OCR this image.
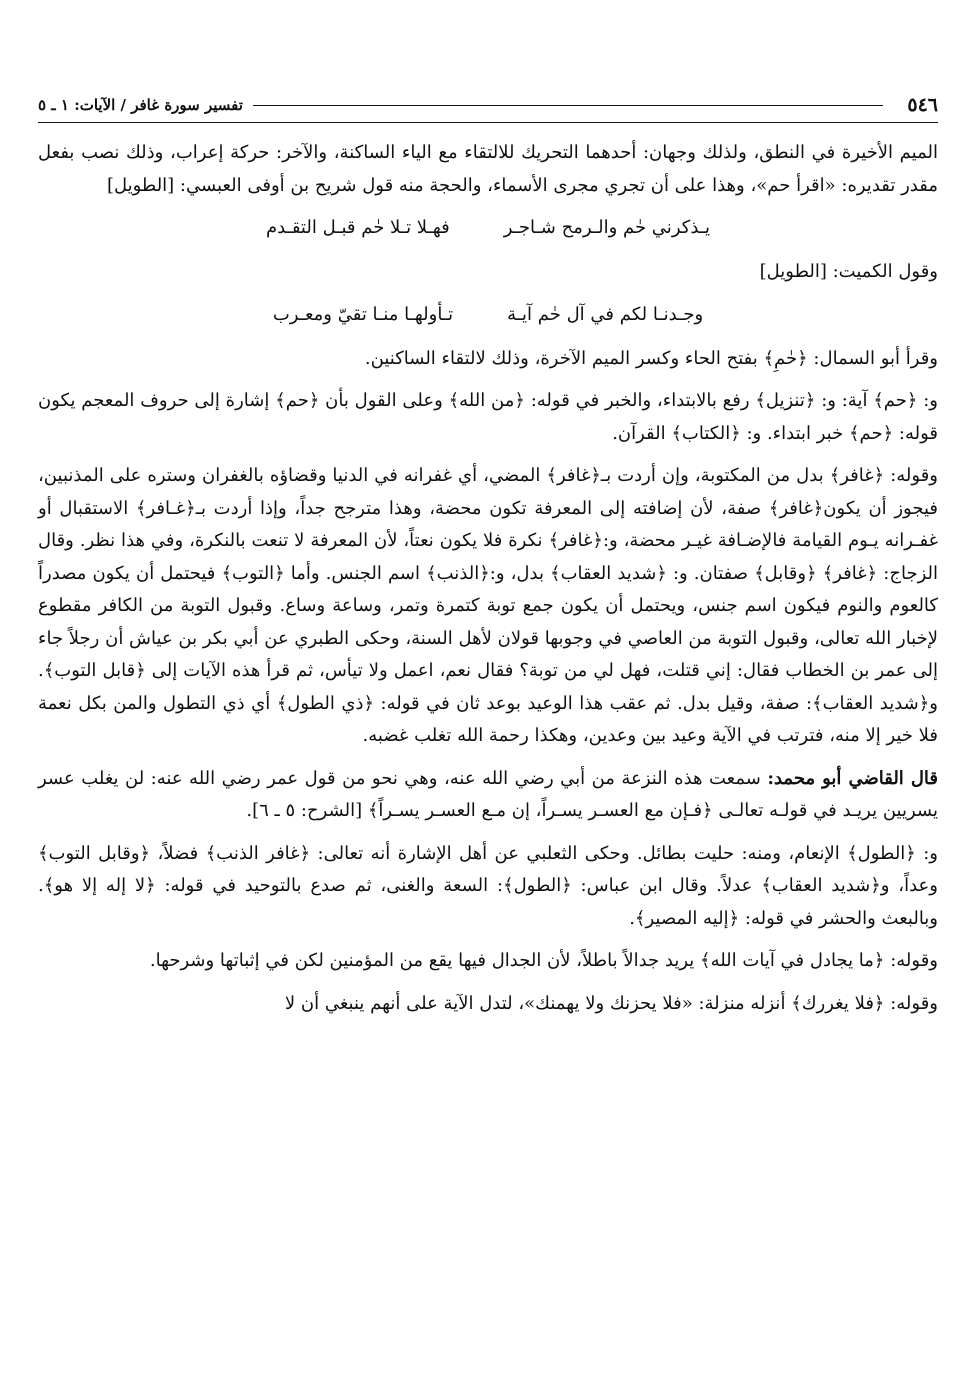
٥٤٦
تفسير سورة غافر / الآيات: ١ ـ ٥

الميم الأخيرة في النطق، ولذلك وجهان: أحدهما التحريك للالتقاء مع الياء الساكنة، والآخر: حركة إعراب، وذلك نصب بفعل مقدر تقديره: «اقرأ حم»، وهذا على أن تجري مجرى الأسماء، والحجة منه قول شريح بن أوفى العبسي: [الطويل]

يـذكرني حٰم والـرمح شـاجـر
فهـلا تـلا حٰم قبـل التقـدم

وقول الكميت: [الطويل]

وجـدنـا لكم في آل حٰم آيـة
تـأولهـا منـا تقيّ ومعـرب

وقرأ أبو السمال: ﴿حٰمِ﴾ بفتح الحاء وكسر الميم الآخرة، وذلك لالتقاء الساكنين.

و: ﴿حم﴾ آية: و: ﴿تنزيل﴾ رفع بالابتداء، والخبر في قوله: ﴿من الله﴾ وعلى القول بأن ﴿حم﴾ إشارة إلى حروف المعجم يكون قوله: ﴿حم﴾ خبر ابتداء. و: ﴿الكتاب﴾ القرآن.

وقوله: ﴿غافر﴾ بدل من المكتوبة، وإن أردت بـ﴿غافر﴾ المضي، أي غفرانه في الدنيا وقضاؤه بالغفران وستره على المذنبين، فيجوز أن يكون﴿غافر﴾ صفة، لأن إضافته إلى المعرفة تكون محضة، وهذا مترجح جداً، وإذا أردت بـ﴿غـافر﴾ الاستقبال أو غفـرانه يـوم القيامة فالإضـافة غيـر محضة، و:﴿غافر﴾ نكرة فلا يكون نعتاً، لأن المعرفة لا تنعت بالنكرة، وفي هذا نظر. وقال الزجاج: ﴿غافر﴾ ﴿وقابل﴾ صفتان. و: ﴿شديد العقاب﴾ بدل، و:﴿الذنب﴾ اسم الجنس. وأما ﴿التوب﴾ فيحتمل أن يكون مصدراً كالعوم والنوم فيكون اسم جنس، ويحتمل أن يكون جمع توبة كتمرة وتمر، وساعة وساع. وقبول التوبة من الكافر مقطوع لإخبار الله تعالى، وقبول التوبة من العاصي في وجوبها قولان لأهل السنة، وحكى الطبري عن أبي بكر بن عياش أن رجلاً جاء إلى عمر بن الخطاب فقال: إني قتلت، فهل لي من توبة؟ فقال نعم، اعمل ولا تيأس، ثم قرأ هذه الآيات إلى ﴿قابل التوب﴾. و﴿شديد العقاب﴾: صفة، وقيل بدل. ثم عقب هذا الوعيد بوعد ثان في قوله: ﴿ذي الطول﴾ أي ذي التطول والمن بكل نعمة فلا خير إلا منه، فترتب في الآية وعيد بين وعدين، وهكذا رحمة الله تغلب غضبه.

قال القاضي أبو محمد: سمعت هذه النزعة من أبي رضي الله عنه، وهي نحو من قول عمر رضي الله عنه: لن يغلب عسر يسريين يريـد في قولـه تعالـى ﴿فـإن مع العسـر يسـراً، إن مـع العسـر يسـراً﴾ [الشرح: ٥ ـ ٦].

و: ﴿الطول﴾ الإنعام، ومنه: حليت بطائل. وحكى الثعلبي عن أهل الإشارة أنه تعالى: ﴿غافر الذنب﴾ فضلاً، ﴿وقابل التوب﴾ وعداً، و﴿شديد العقاب﴾ عدلاً. وقال ابن عباس: ﴿الطول﴾: السعة والغنى، ثم صدع بالتوحيد في قوله: ﴿لا إله إلا هو﴾. وبالبعث والحشر في قوله: ﴿إليه المصير﴾.

وقوله: ﴿ما يجادل في آيات الله﴾ يريد جدالاً باطلاً، لأن الجدال فيها يقع من المؤمنين لكن في إثباتها وشرحها.

وقوله: ﴿فلا يغررك﴾ أنزله منزلة: «فلا يحزنك ولا يهمنك»، لتدل الآية على أنهم ينبغي أن لا
